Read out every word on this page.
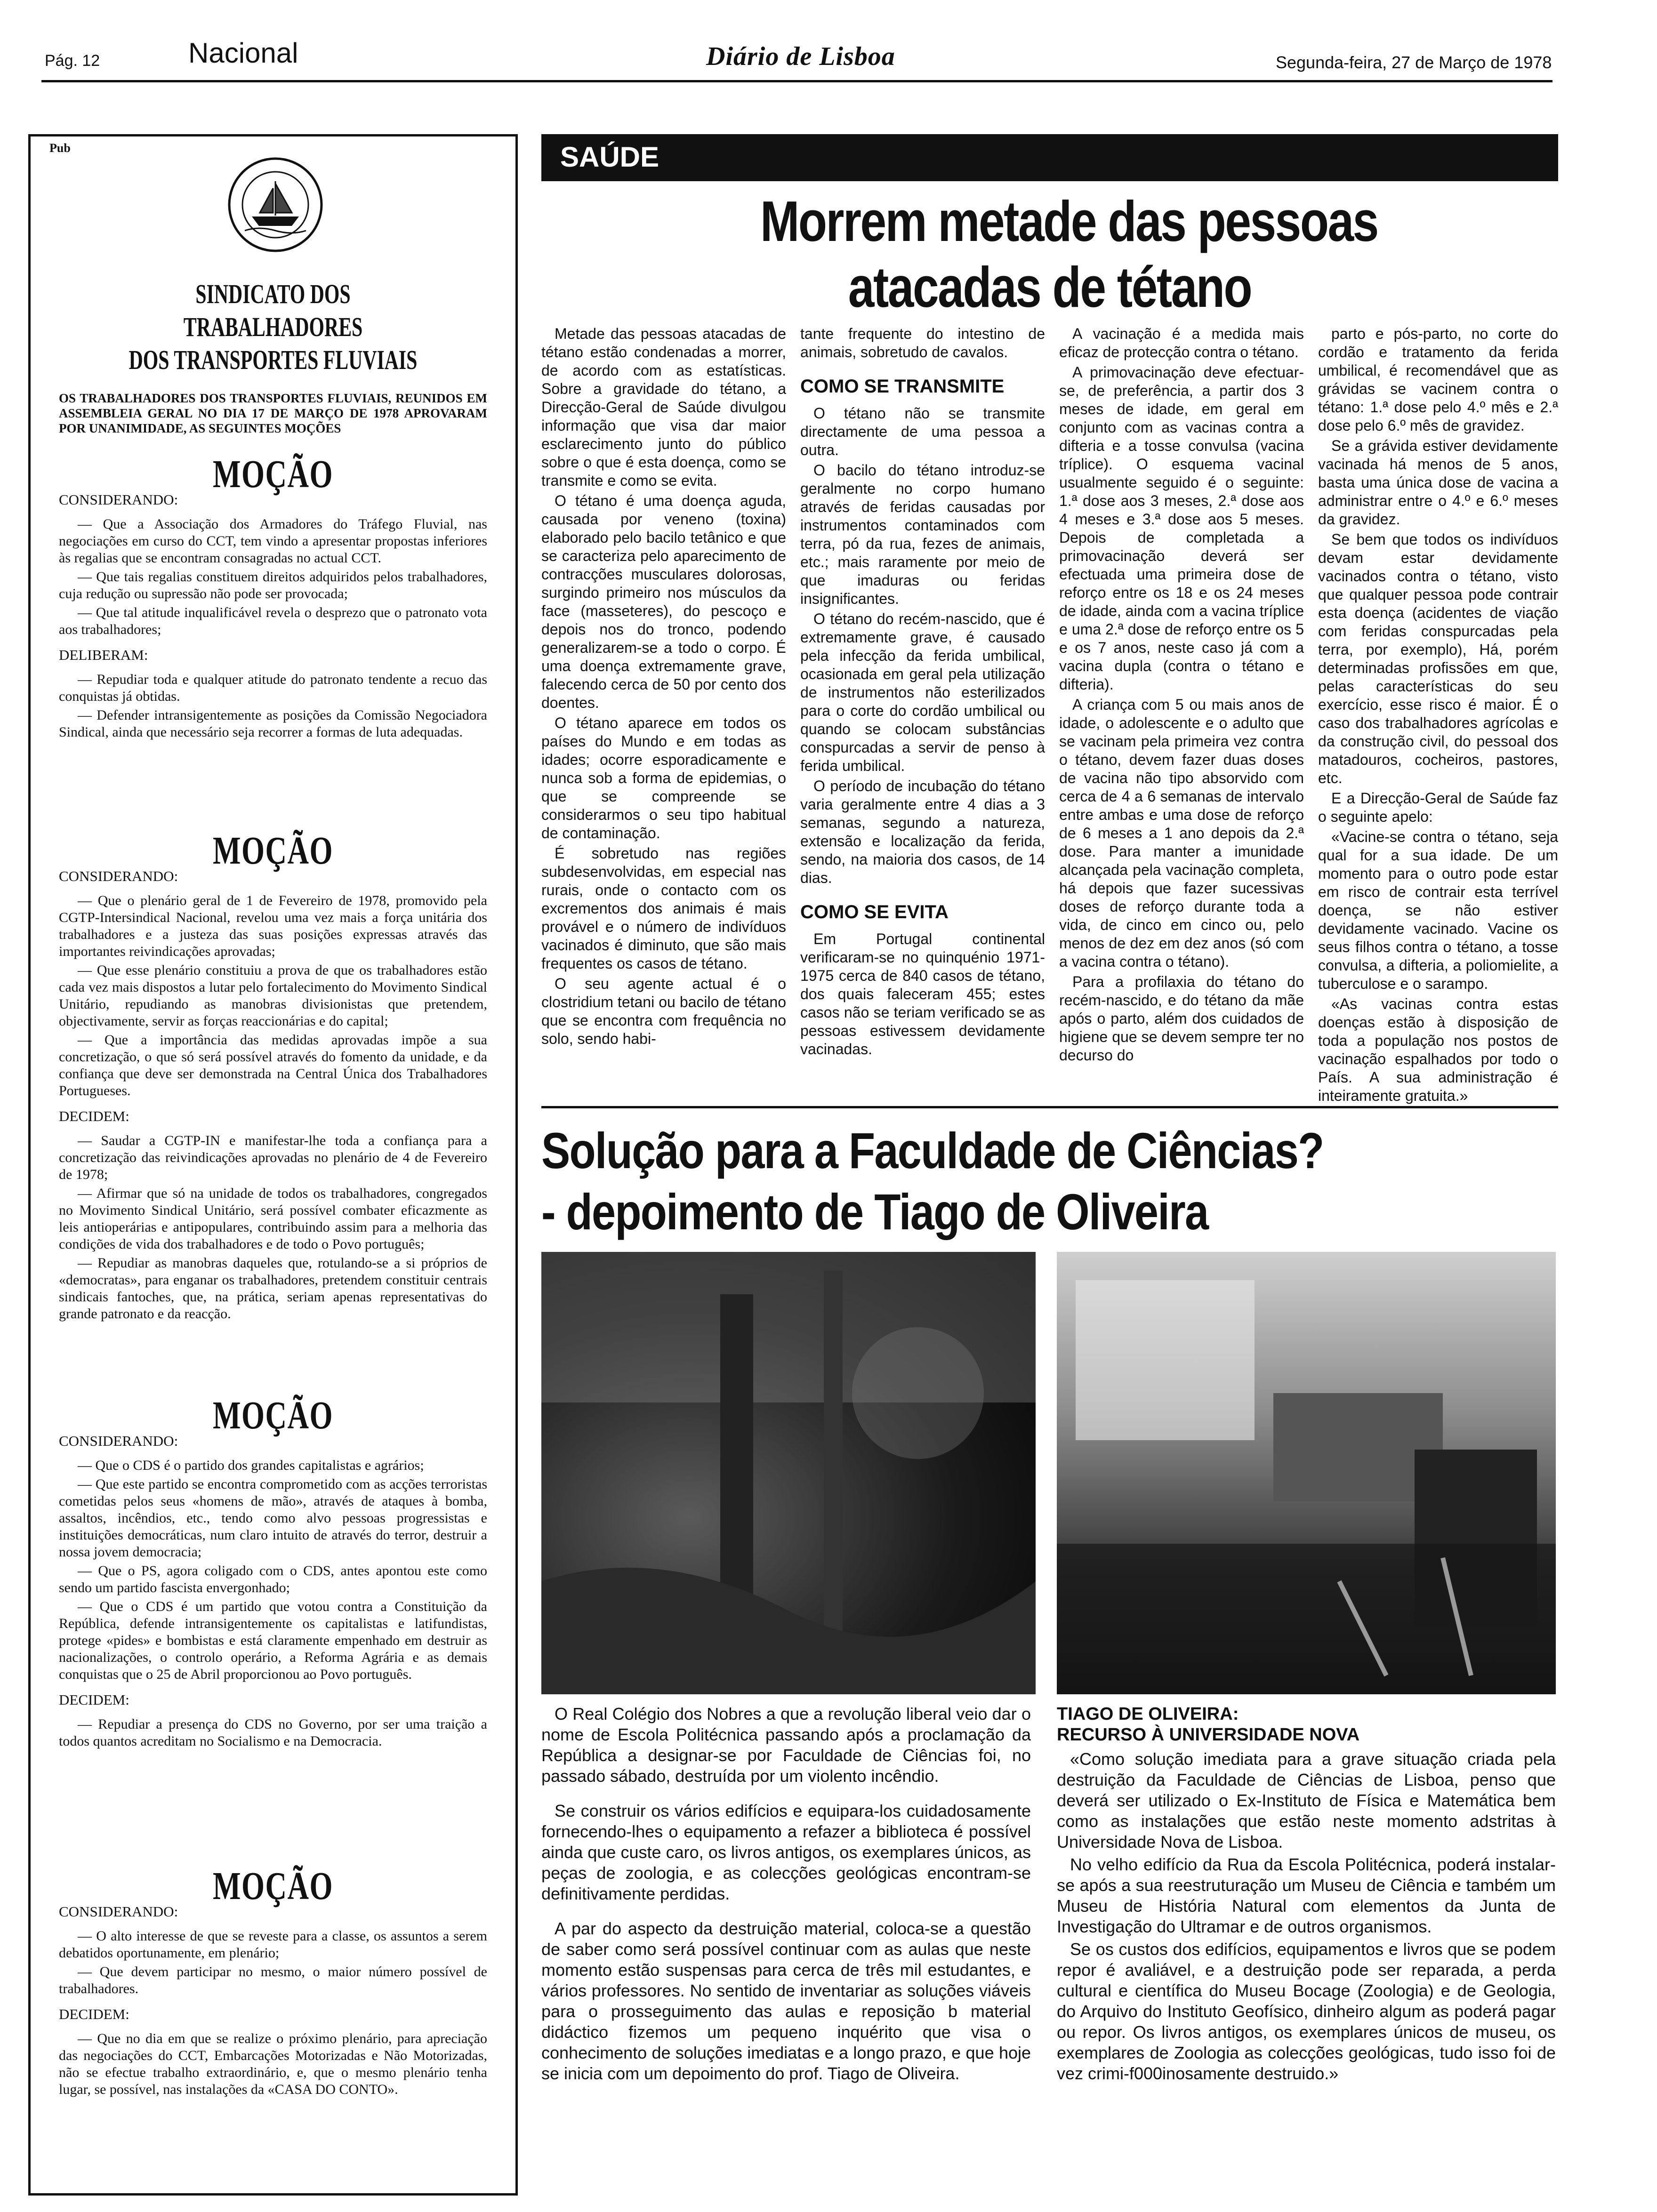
Pág. 12	Nacional	Diário de Lisboa	Segunda-feira, 27 de Março de 1978
Pub
SINDICATO DOS TRABALHADORES
DOS TRANSPORTES FLUVIAIS
OS TRABALHADORES DOS TRANSPORTES FLUVIAIS, REUNIDOS EM ASSEMBLEIA GERAL NO DIA 17 DE MARÇO DE 1978 APROVARAM POR UNANIMIDADE, AS SEGUINTES MOÇÕES
MOÇÃO
CONSIDERANDO:

— Que a Associação dos Armadores do Tráfego Fluvial, nas negociações em curso do CCT, tem vindo a apresentar propostas inferiores às regalias que se encontram consagradas no actual CCT.

— Que tais regalias constituem direitos adquiridos pelos trabalhadores, cuja redução ou supressão não pode ser provocada;

— Que tal atitude inqualificável revela o desprezo que o patronato vota aos trabalhadores;

DELIBERAM:

— Repudiar toda e qualquer atitude do patronato tendente a recuo das conquistas já obtidas.

— Defender intransigentemente as posições da Comissão Negociadora Sindical, ainda que necessário seja recorrer a formas de luta adequadas.

MOÇÃO
CONSIDERANDO:

— Que o plenário geral de 1 de Fevereiro de 1978, promovido pela CGTP-Intersindical Nacional, revelou uma vez mais a força unitária dos trabalhadores e a justeza das suas posições expressas através das importantes reivindicações aprovadas;

— Que esse plenário constituiu a prova de que os trabalhadores estão cada vez mais dispostos a lutar pelo fortalecimento do Movimento Sindical Unitário, repudiando as manobras divisionistas que pretendem, objectivamente, servir as forças reaccionárias e do capital;

— Que a importância das medidas aprovadas impõe a sua concretização, o que só será possível através do fomento da unidade, e da confiança que deve ser demonstrada na Central Única dos Trabalhadores Portugueses.

DECIDEM:

— Saudar a CGTP-IN e manifestar-lhe toda a confiança para a concretização das reivindicações aprovadas no plenário de 4 de Fevereiro de 1978;

— Afirmar que só na unidade de todos os trabalhadores, congregados no Movimento Sindical Unitário, será possível combater eficazmente as leis antioperárias e antipopulares, contribuindo assim para a melhoria das condições de vida dos trabalhadores e de todo o Povo português;

— Repudiar as manobras daqueles que, rotulando-se a si próprios de «democratas», para enganar os trabalhadores, pretendem constituir centrais sindicais fantoches, que, na prática, seriam apenas representativas do grande patronato e da reacção.

MOÇÃO
CONSIDERANDO:

— Que o CDS é o partido dos grandes capitalistas e agrários;

— Que este partido se encontra comprometido com as acções terroristas cometidas pelos seus «homens de mão», através de ataques à bomba, assaltos, incêndios, etc., tendo como alvo pessoas progressistas e instituições democráticas, num claro intuito de através do terror, destruir a nossa jovem democracia;

— Que o PS, agora coligado com o CDS, antes apontou este como sendo um partido fascista envergonhado;

— Que o CDS é um partido que votou contra a Constituição da República, defende intransigentemente os capitalistas e latifundistas, protege «pides» e bombistas e está claramente empenhado em destruir as nacionalizações, o controlo operário, a Reforma Agrária e as demais conquistas que o 25 de Abril proporcionou ao Povo português.

DECIDEM:

— Repudiar a presença do CDS no Governo, por ser uma traição a todos quantos acreditam no Socialismo e na Democracia.

MOÇÃO
CONSIDERANDO:

— O alto interesse de que se reveste para a classe, os assuntos a serem debatidos oportunamente, em plenário;

— Que devem participar no mesmo, o maior número possível de trabalhadores.

DECIDEM:

— Que no dia em que se realize o próximo plenário, para apreciação das negociações do CCT, Embarcações Motorizadas e Não Motorizadas, não se efectue trabalho extraordinário, e, que o mesmo plenário tenha lugar, se possível, nas instalações da «CASA DO CONTO».

SAÚDE
Morrem metade das pessoas
atacadas de tétano

Metade das pessoas atacadas de tétano estão condenadas a morrer, de acordo com as estatísticas. Sobre a gravidade do tétano, a Direcção-Geral de Saúde divulgou informação que visa dar maior esclarecimento junto do público sobre o que é esta doença, como se transmite e como se evita.

O tétano é uma doença aguda, causada por veneno (toxina) elaborado pelo bacilo tetânico e que se caracteriza pelo aparecimento de contracções musculares dolorosas, surgindo primeiro nos músculos da face (masseteres), do pescoço e depois nos do tronco, podendo generalizarem-se a todo o corpo. É uma doença extremamente grave, falecendo cerca de 50 por cento dos doentes.

O tétano aparece em todos os países do Mundo e em todas as idades; ocorre esporadicamente e nunca sob a forma de epidemias, o que se compreende se considerarmos o seu tipo habitual de contaminação.

É sobretudo nas regiões subdesenvolvidas, em especial nas rurais, onde o contacto com os excrementos dos animais é mais provável e o número de indivíduos vacinados é diminuto, que são mais frequentes os casos de tétano.

O seu agente actual é o clostridium tetani ou bacilo de tétano que se encontra com frequência no solo, sendo habi-

tante frequente do intestino de animais, sobretudo de cavalos.

COMO SE TRANSMITE

O tétano não se transmite directamente de uma pessoa a outra.

O bacilo do tétano introduz-se geralmente no corpo humano através de feridas causadas por instrumentos contaminados com terra, pó da rua, fezes de animais, etc.; mais raramente por meio de que imaduras ou feridas insignificantes.

O tétano do recém-nascido, que é extremamente grave, é causado pela infecção da ferida umbilical, ocasionada em geral pela utilização de instrumentos não esterilizados para o corte do cordão umbilical ou quando se colocam substâncias conspurcadas a servir de penso à ferida umbilical.

O período de incubação do tétano varia geralmente entre 4 dias a 3 semanas, segundo a natureza, extensão e localização da ferida, sendo, na maioria dos casos, de 14 dias.

COMO SE EVITA

Em Portugal continental verificaram-se no quinquénio 1971-1975 cerca de 840 casos de tétano, dos quais faleceram 455; estes casos não se teriam verificado se as pessoas estivessem devidamente vacinadas.

A vacinação é a medida mais eficaz de protecção contra o tétano.

A primovacinação deve efectuar-se, de preferência, a partir dos 3 meses de idade, em geral em conjunto com as vacinas contra a difteria e a tosse convulsa (vacina tríplice). O esquema vacinal usualmente seguido é o seguinte: 1.ª dose aos 3 meses, 2.ª dose aos 4 meses e 3.ª dose aos 5 meses. Depois de completada a primovacinação deverá ser efectuada uma primeira dose de reforço entre os 18 e os 24 meses de idade, ainda com a vacina tríplice e uma 2.ª dose de reforço entre os 5 e os 7 anos, neste caso já com a vacina dupla (contra o tétano e difteria).

A criança com 5 ou mais anos de idade, o adolescente e o adulto que se vacinam pela primeira vez contra o tétano, devem fazer duas doses de vacina não tipo absorvido com cerca de 4 a 6 semanas de intervalo entre ambas e uma dose de reforço de 6 meses a 1 ano depois da 2.ª dose. Para manter a imunidade alcançada pela vacinação completa, há depois que fazer sucessivas doses de reforço durante toda a vida, de cinco em cinco ou, pelo menos de dez em dez anos (só com a vacina contra o tétano).

Para a profilaxia do tétano do recém-nascido, e do tétano da mãe após o parto, além dos cuidados de higiene que se devem sempre ter no decurso do

parto e pós-parto, no corte do cordão e tratamento da ferida umbilical, é recomendável que as grávidas se vacinem contra o tétano: 1.ª dose pelo 4.º mês e 2.ª dose pelo 6.º mês de gravidez.

Se a grávida estiver devidamente vacinada há menos de 5 anos, basta uma única dose de vacina a administrar entre o 4.º e 6.º meses da gravidez.

Se bem que todos os indivíduos devam estar devidamente vacinados contra o tétano, visto que qualquer pessoa pode contrair esta doença (acidentes de viação com feridas conspurcadas pela terra, por exemplo), Há, porém determinadas profissões em que, pelas características do seu exercício, esse risco é maior. É o caso dos trabalhadores agrícolas e da construção civil, do pessoal dos matadouros, cocheiros, pastores, etc.

E a Direcção-Geral de Saúde faz o seguinte apelo:

«Vacine-se contra o tétano, seja qual for a sua idade. De um momento para o outro pode estar em risco de contrair esta terrível doença, se não estiver devidamente vacinado. Vacine os seus filhos contra o tétano, a tosse convulsa, a difteria, a poliomielite, a tuberculose e o sarampo.

«As vacinas contra estas doenças estão à disposição de toda a população nos postos de vacinação espalhados por todo o País. A sua administração é inteiramente gratuita.»

Solução para a Faculdade de Ciências?
- depoimento de Tiago de Oliveira

O Real Colégio dos Nobres a que a revolução liberal veio dar o nome de Escola Politécnica passando após a proclamação da República a designar-se por Faculdade de Ciências foi, no passado sábado, destruída por um violento incêndio.

Se construir os vários edifícios e equipara-los cuidadosamente fornecendo-lhes o equipamento a refazer a biblioteca é possível ainda que custe caro, os livros antigos, os exemplares únicos, as peças de zoologia, e as colecções geológicas encontram-se definitivamente perdidas.

A par do aspecto da destruição material, coloca-se a questão de saber como será possível continuar com as aulas que neste momento estão suspensas para cerca de três mil estudantes, e vários professores. No sentido de inventariar as soluções viáveis para o prosseguimento das aulas e reposição b material didáctico fizemos um pequeno inquérito que visa o conhecimento de soluções imediatas e a longo prazo, e que hoje se inicia com um depoimento do prof. Tiago de Oliveira.

TIAGO DE OLIVEIRA:
RECURSO À UNIVERSIDADE NOVA

«Como solução imediata para a grave situação criada pela destruição da Faculdade de Ciências de Lisboa, penso que deverá ser utilizado o Ex-Instituto de Física e Matemática bem como as instalações que estão neste momento adstritas à Universidade Nova de Lisboa.

No velho edifício da Rua da Escola Politécnica, poderá instalar-se após a sua reestruturação um Museu de Ciência e também um Museu de História Natural com elementos da Junta de Investigação do Ultramar e de outros organismos.

Se os custos dos edifícios, equipamentos e livros que se podem repor é avaliável, e a destruição pode ser reparada, a perda cultural e científica do Museu Bocage (Zoologia) e de Geologia, do Arquivo do Instituto Geofísico, dinheiro algum as poderá pagar ou repor. Os livros antigos, os exemplares únicos de museu, os exemplares de Zoologia as colecções geológicas, tudo isso foi de vez crimi-f000inosamente destruido.»
